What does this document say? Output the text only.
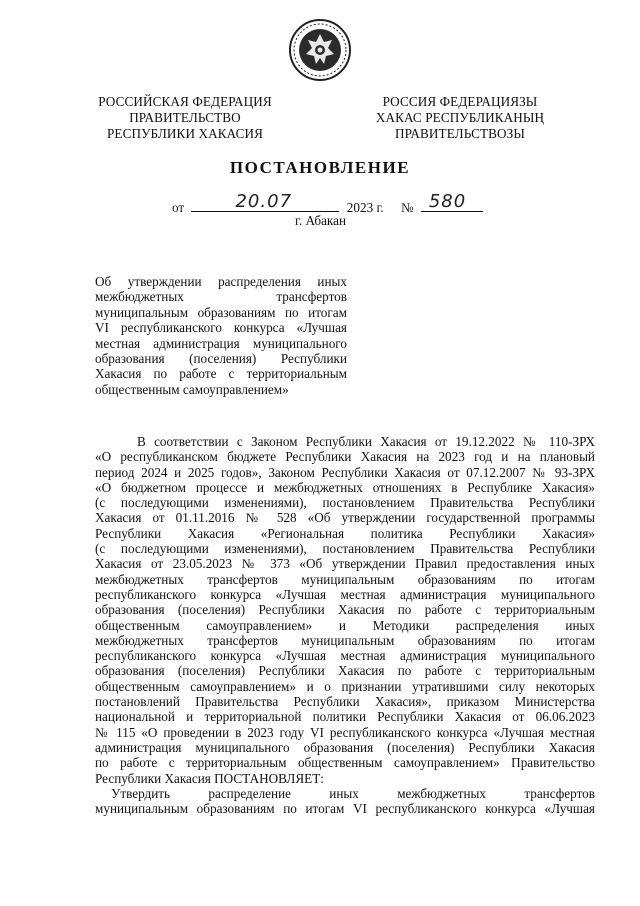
РОССИЙСКАЯ ФЕДЕРАЦИЯ
ПРАВИТЕЛЬСТВО
РЕСПУБЛИКИ ХАКАСИЯ
РОССИЯ ФЕДЕРАЦИЯЗЫ
ХАКАС РЕСПУБЛИКАНЫҢ
ПРАВИТЕЛЬСТВОЗЫ
ПОСТАНОВЛЕНИЕ
от	20.07	2023 г. № 580
г. Абакан
Об утверждении распределения иных
межбюджетных трансфертов
муниципальным образованиям по итогам
VI республиканского конкурса «Лучшая
местная администрация муниципального
образования (поселения) Республики
Хакасия по работе с территориальным
общественным самоуправлением»
В соответствии с Законом Республики Хакасия от 19.12.2022 № 110-ЗРХ
«О республиканском бюджете Республики Хакасия на 2023 год и на плановый
период 2024 и 2025 годов», Законом Республики Хакасия от 07.12.2007 № 93-ЗРХ
«О бюджетном процессе и межбюджетных отношениях в Республике Хакасия»
(с последующими изменениями), постановлением Правительства Республики
Хакасия от 01.11.2016 № 528 «Об утверждении государственной программы
Республики Хакасия «Региональная политика Республики Хакасия»
(с последующими изменениями), постановлением Правительства Республики
Хакасия от 23.05.2023 № 373 «Об утверждении Правил предоставления иных
межбюджетных трансфертов муниципальным образованиям по итогам
республиканского конкурса «Лучшая местная администрация муниципального
образования (поселения) Республики Хакасия по работе с территориальным
общественным самоуправлением» и Методики распределения иных
межбюджетных трансфертов муниципальным образованиям по итогам
республиканского конкурса «Лучшая местная администрация муниципального
образования (поселения) Республики Хакасия по работе с территориальным
общественным самоуправлением» и о признании утратившими силу некоторых
постановлений Правительства Республики Хакасия», приказом Министерства
национальной и территориальной политики Республики Хакасия от 06.06.2023
№ 115 «О проведении в 2023 году VI республиканского конкурса «Лучшая местная
администрация муниципального образования (поселения) Республики Хакасия
по работе с территориальным общественным самоуправлением» Правительство
Республики Хакасия ПОСТАНОВЛЯЕТ:
Утвердить распределение иных межбюджетных трансфертов
муниципальным образованиям по итогам VI республиканского конкурса «Лучшая
